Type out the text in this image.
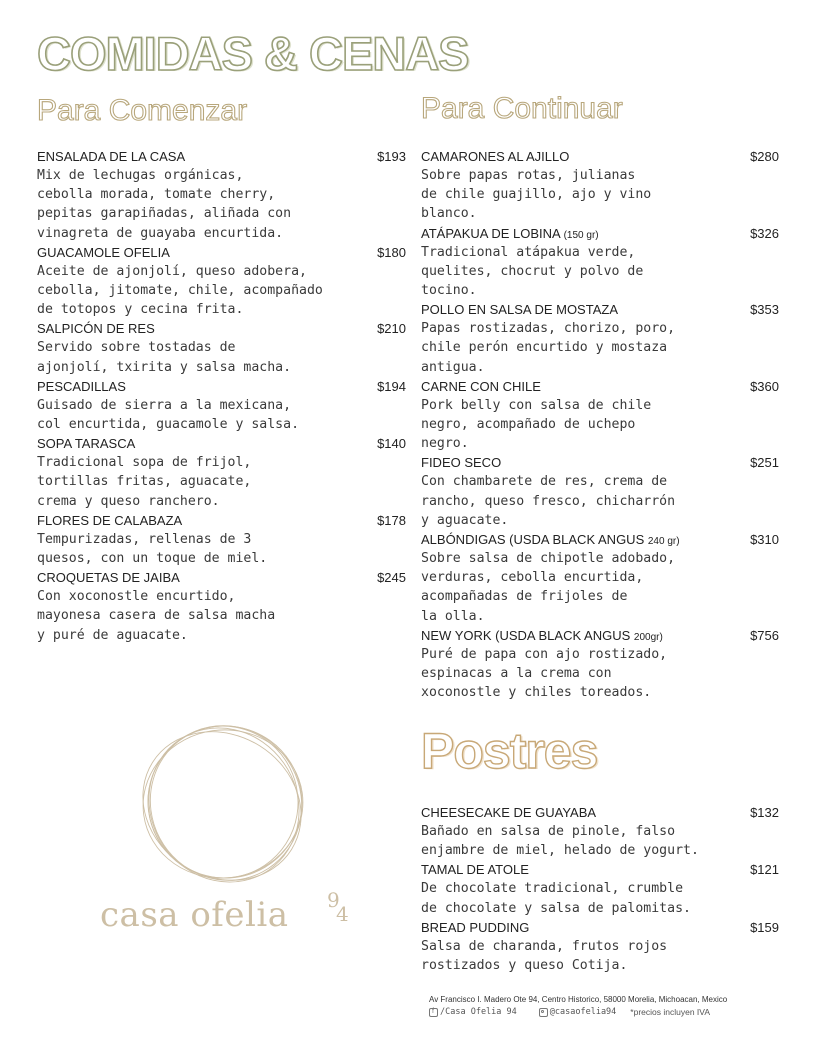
COMIDAS & CENAS
Para Comenzar	Para Continuar
ENSALADA DE LA CASA	$193

Mix de lechugas orgánicas,
cebolla morada, tomate cherry,
pepitas garapiñadas, aliñada con
vinagreta de guayaba encurtida.

GUACAMOLE OFELIA	$180

Aceite de ajonjolí, queso adobera,
cebolla, jitomate, chile, acompañado
de totopos y cecina frita.

SALPICÓN DE RES	$210

Servido sobre tostadas de
ajonjolí, txirita y salsa macha.

PESCADILLAS	$194

Guisado de sierra a la mexicana,
col encurtida, guacamole y salsa.

SOPA TARASCA	$140

Tradicional sopa de frijol,
tortillas fritas, aguacate,
crema y queso ranchero.

FLORES DE CALABAZA	$178

Tempurizadas, rellenas de 3
quesos, con un toque de miel.

CROQUETAS DE JAIBA	$245

Con xoconostle encurtido,
mayonesa casera de salsa macha
y puré de aguacate.

CAMARONES AL AJILLO	$280

Sobre papas rotas, julianas
de chile guajillo, ajo y vino
blanco.

ATÁPAKUA DE LOBINA (150 gr)	$326

Tradicional atápakua verde,
quelites, chocrut y polvo de
tocino.

POLLO EN SALSA DE MOSTAZA	$353

Papas rostizadas, chorizo, poro,
chile perón encurtido y mostaza
antigua.

CARNE CON CHILE	$360

Pork belly con salsa de chile
negro, acompañado de uchepo
negro.

FIDEO SECO	$251

Con chambarete de res, crema de
rancho, queso fresco, chicharrón
y aguacate.

ALBÓNDIGAS (USDA BLACK ANGUS 240 gr)	$310

Sobre salsa de chipotle adobado,
verduras, cebolla encurtida,
acompañadas de frijoles de
la olla.

NEW YORK (USDA BLACK ANGUS 200gr)	$756

Puré de papa con ajo rostizado,
espinacas a la crema con
xoconostle y chiles toreados.

casa ofelia 9
4
Postres
CHEESECAKE DE GUAYABA	$132

Bañado en salsa de pinole, falso
enjambre de miel, helado de yogurt.

TAMAL DE ATOLE	$121

De chocolate tradicional, crumble
de chocolate y salsa de palomitas.

BREAD PUDDING	$159

Salsa de charanda, frutos rojos
rostizados y queso Cotija.

Av Francisco I. Madero Ote 94, Centro Historico, 58000 Morelia, Michoacan, Mexico
f
/Casa Ofelia 94	@casaofelia94 *precios incluyen IVA
